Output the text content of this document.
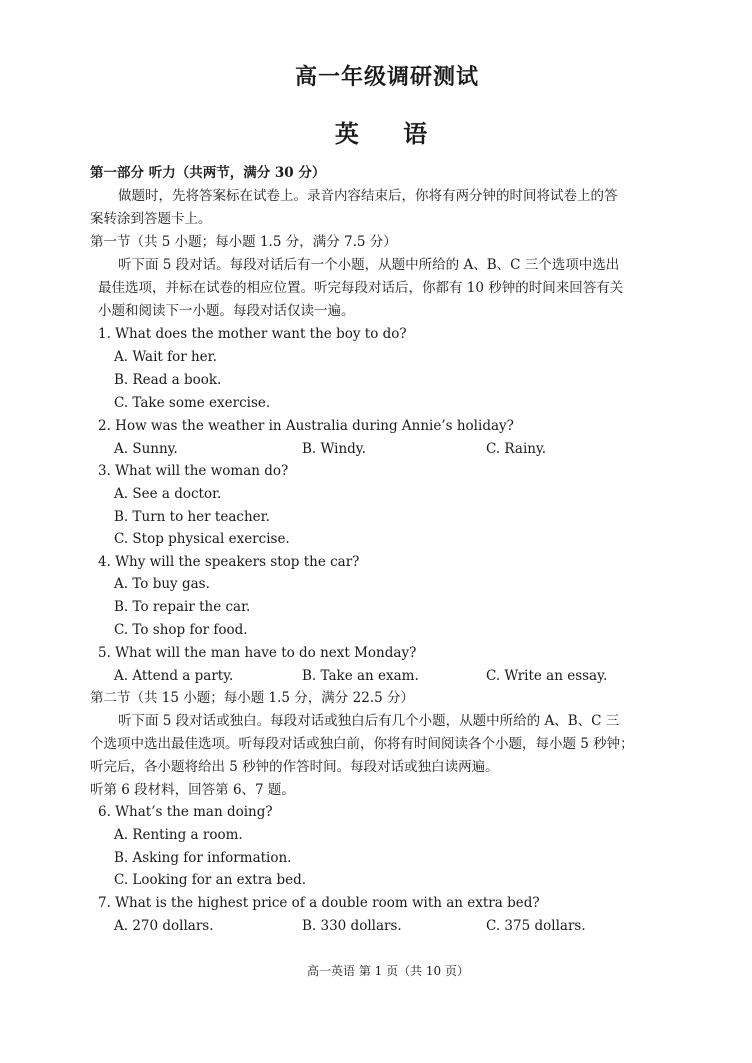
高一年级调研测试
英 语
第一部分 听力（共两节，满分 30 分）
做题时，先将答案标在试卷上。录音内容结束后，你将有两分钟的时间将试卷上的答
案转涂到答题卡上。
第一节（共 5 小题；每小题 1.5 分，满分 7.5 分）
听下面 5 段对话。每段对话后有一个小题，从题中所给的 A、B、C 三个选项中选出
最佳选项，并标在试卷的相应位置。听完每段对话后，你都有 10 秒钟的时间来回答有关
小题和阅读下一小题。每段对话仅读一遍。
1. What does the mother want the boy to do?
A. Wait for her.
B. Read a book.
C. Take some exercise.
2. How was the weather in Australia during Annie’s holiday?
A. Sunny.	B. Windy.	C. Rainy.
3. What will the woman do?
A. See a doctor.
B. Turn to her teacher.
C. Stop physical exercise.
4. Why will the speakers stop the car?
A. To buy gas.
B. To repair the car.
C. To shop for food.
5. What will the man have to do next Monday?
A. Attend a party.	B. Take an exam.	C. Write an essay.
第二节（共 15 小题；每小题 1.5 分，满分 22.5 分）
听下面 5 段对话或独白。每段对话或独白后有几个小题，从题中所给的 A、B、C 三
个选项中选出最佳选项。听每段对话或独白前，你将有时间阅读各个小题，每小题 5 秒钟；
听完后，各小题将给出 5 秒钟的作答时间。每段对话或独白读两遍。
听第 6 段材料，回答第 6、7 题。
6. What’s the man doing?
A. Renting a room.
B. Asking for information.
C. Looking for an extra bed.
7. What is the highest price of a double room with an extra bed?
A. 270 dollars.	B. 330 dollars.	C. 375 dollars.
高一英语 第 1 页（共 10 页）
